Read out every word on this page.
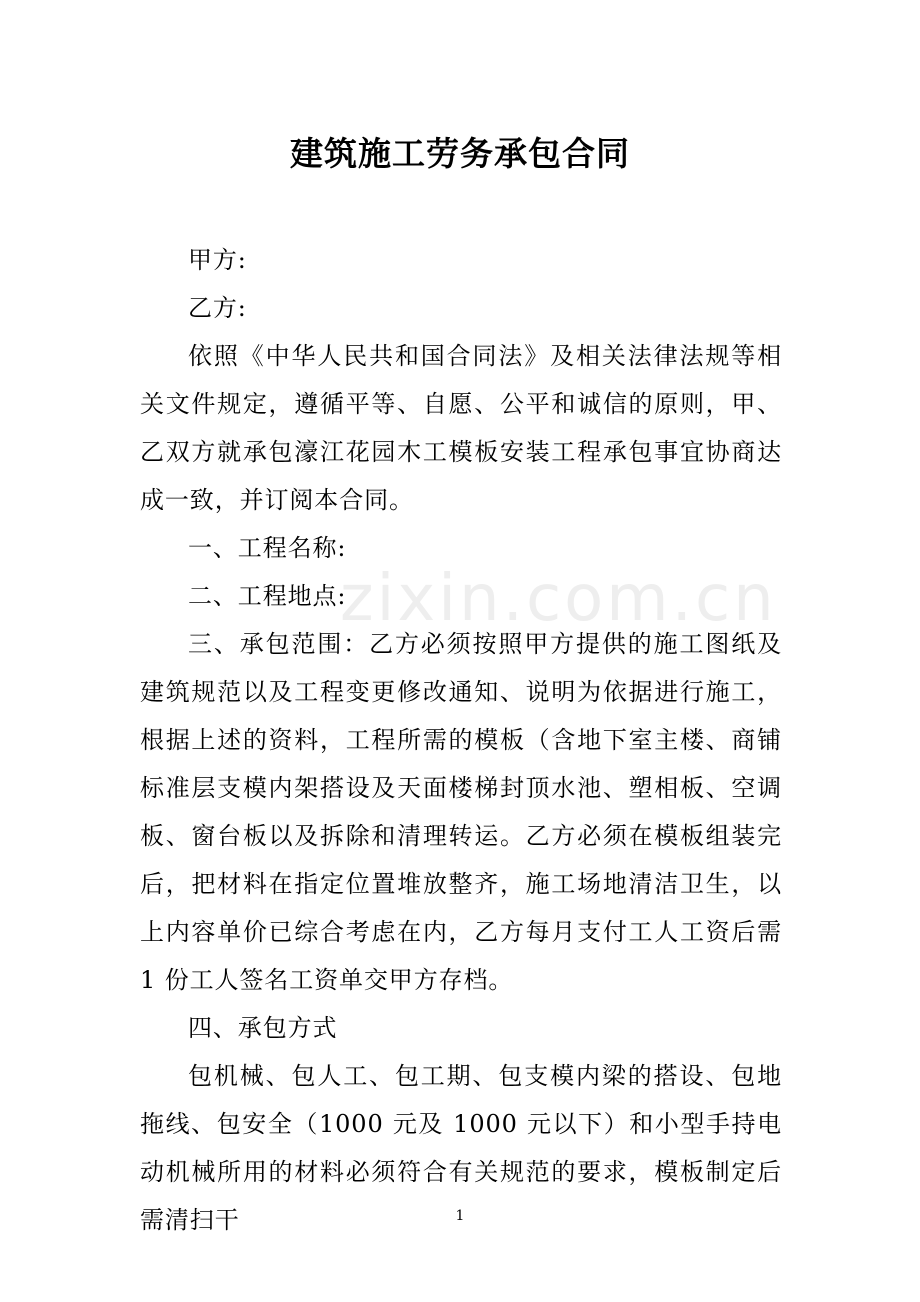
建筑施工劳务承包合同
zixin.com.cn

甲方:

乙方:

依照《中华人民共和国合同法》及相关法律法规等相关文件规定，遵循平等、自愿、公平和诚信的原则，甲、乙双方就承包濠江花园木工模板安装工程承包事宜协商达成一致，并订阅本合同。

一、工程名称:

二、工程地点:

三、承包范围：乙方必须按照甲方提供的施工图纸及建筑规范以及工程变更修改通知、说明为依据进行施工，根据上述的资料，工程所需的模板（含地下室主楼、商铺标准层支模内架搭设及天面楼梯封顶水池、塑相板、空调板、窗台板以及拆除和清理转运。乙方必须在模板组装完后，把材料在指定位置堆放整齐，施工场地清洁卫生，以上内容单价已综合考虑在内，乙方每月支付工人工资后需 1 份工人签名工资单交甲方存档。

四、承包方式

包机械、包人工、包工期、包支模内梁的搭设、包地拖线、包安全（1000 元及 1000 元以下）和小型手持电动机械所用的材料必须符合有关规范的要求，模板制定后需清扫干	1
